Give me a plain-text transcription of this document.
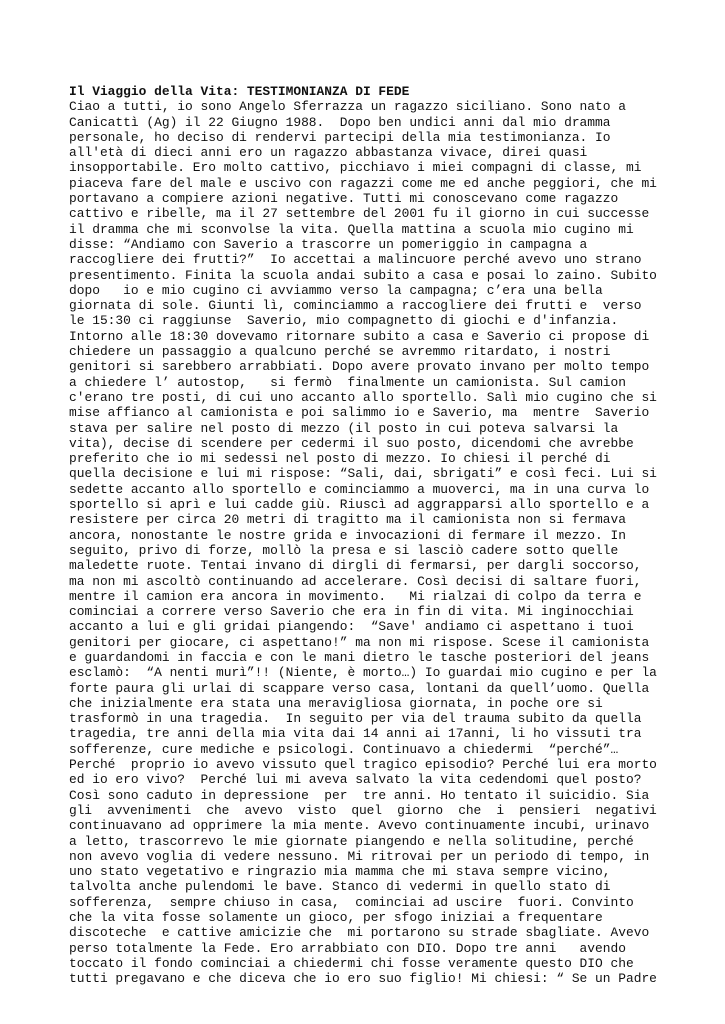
Il Viaggio della Vita: TESTIMONIANZA DI FEDE
Ciao a tutti, io sono Angelo Sferrazza un ragazzo siciliano. Sono nato a
Canicattì (Ag) il 22 Giugno 1988.  Dopo ben undici anni dal mio dramma
personale, ho deciso di rendervi partecipi della mia testimonianza. Io
all'età di dieci anni ero un ragazzo abbastanza vivace, direi quasi
insopportabile. Ero molto cattivo, picchiavo i miei compagni di classe, mi
piaceva fare del male e uscivo con ragazzi come me ed anche peggiori, che mi
portavano a compiere azioni negative. Tutti mi conoscevano come ragazzo
cattivo e ribelle, ma il 27 settembre del 2001 fu il giorno in cui successe
il dramma che mi sconvolse la vita. Quella mattina a scuola mio cugino mi
disse: “Andiamo con Saverio a trascorre un pomeriggio in campagna a
raccogliere dei frutti?”  Io accettai a malincuore perché avevo uno strano
presentimento. Finita la scuola andai subito a casa e posai lo zaino. Subito
dopo   io e mio cugino ci avviammo verso la campagna; c’era una bella
giornata di sole. Giunti lì, cominciammo a raccogliere dei frutti e  verso
le 15:30 ci raggiunse  Saverio, mio compagnetto di giochi e d'infanzia.
Intorno alle 18:30 dovevamo ritornare subito a casa e Saverio ci propose di
chiedere un passaggio a qualcuno perché se avremmo ritardato, i nostri
genitori si sarebbero arrabbiati. Dopo avere provato invano per molto tempo
a chiedere l’ autostop,   si fermò  finalmente un camionista. Sul camion
c'erano tre posti, di cui uno accanto allo sportello. Salì mio cugino che si
mise affianco al camionista e poi salimmo io e Saverio, ma  mentre  Saverio
stava per salire nel posto di mezzo (il posto in cui poteva salvarsi la
vita), decise di scendere per cedermi il suo posto, dicendomi che avrebbe
preferito che io mi sedessi nel posto di mezzo. Io chiesi il perché di
quella decisione e lui mi rispose: “Sali, dai, sbrigati” e così feci. Lui si
sedette accanto allo sportello e cominciammo a muoverci, ma in una curva lo
sportello si aprì e lui cadde giù. Riuscì ad aggrapparsi allo sportello e a
resistere per circa 20 metri di tragitto ma il camionista non si fermava
ancora, nonostante le nostre grida e invocazioni di fermare il mezzo. In
seguito, privo di forze, mollò la presa e si lasciò cadere sotto quelle
maledette ruote. Tentai invano di dirgli di fermarsi, per dargli soccorso,
ma non mi ascoltò continuando ad accelerare. Così decisi di saltare fuori,
mentre il camion era ancora in movimento.   Mi rialzai di colpo da terra e
cominciai a correre verso Saverio che era in fin di vita. Mi inginocchiai
accanto a lui e gli gridai piangendo:  “Save' andiamo ci aspettano i tuoi
genitori per giocare, ci aspettano!” ma non mi rispose. Scese il camionista
e guardandomi in faccia e con le mani dietro le tasche posteriori del jeans
esclamò:  “A nenti murì”!! (Niente, è morto…) Io guardai mio cugino e per la
forte paura gli urlai di scappare verso casa, lontani da quell’uomo. Quella
che inizialmente era stata una meravigliosa giornata, in poche ore si
trasformò in una tragedia.  In seguito per via del trauma subito da quella
tragedia, tre anni della mia vita dai 14 anni ai 17anni, li ho vissuti tra
sofferenze, cure mediche e psicologi. Continuavo a chiedermi  “perché”…
Perché  proprio io avevo vissuto quel tragico episodio? Perché lui era morto
ed io ero vivo?  Perché lui mi aveva salvato la vita cedendomi quel posto?
Così sono caduto in depressione  per  tre anni. Ho tentato il suicidio. Sia
gli  avvenimenti  che  avevo  visto  quel  giorno  che  i  pensieri  negativi
continuavano ad opprimere la mia mente. Avevo continuamente incubi, urinavo
a letto, trascorrevo le mie giornate piangendo e nella solitudine, perché
non avevo voglia di vedere nessuno. Mi ritrovai per un periodo di tempo, in
uno stato vegetativo e ringrazio mia mamma che mi stava sempre vicino,
talvolta anche pulendomi le bave. Stanco di vedermi in quello stato di
sofferenza,  sempre chiuso in casa,  cominciai ad uscire  fuori. Convinto
che la vita fosse solamente un gioco, per sfogo iniziai a frequentare
discoteche  e cattive amicizie che  mi portarono su strade sbagliate. Avevo
perso totalmente la Fede. Ero arrabbiato con DIO. Dopo tre anni   avendo
toccato il fondo cominciai a chiedermi chi fosse veramente questo DIO che
tutti pregavano e che diceva che io ero suo figlio! Mi chiesi: “ Se un Padre
